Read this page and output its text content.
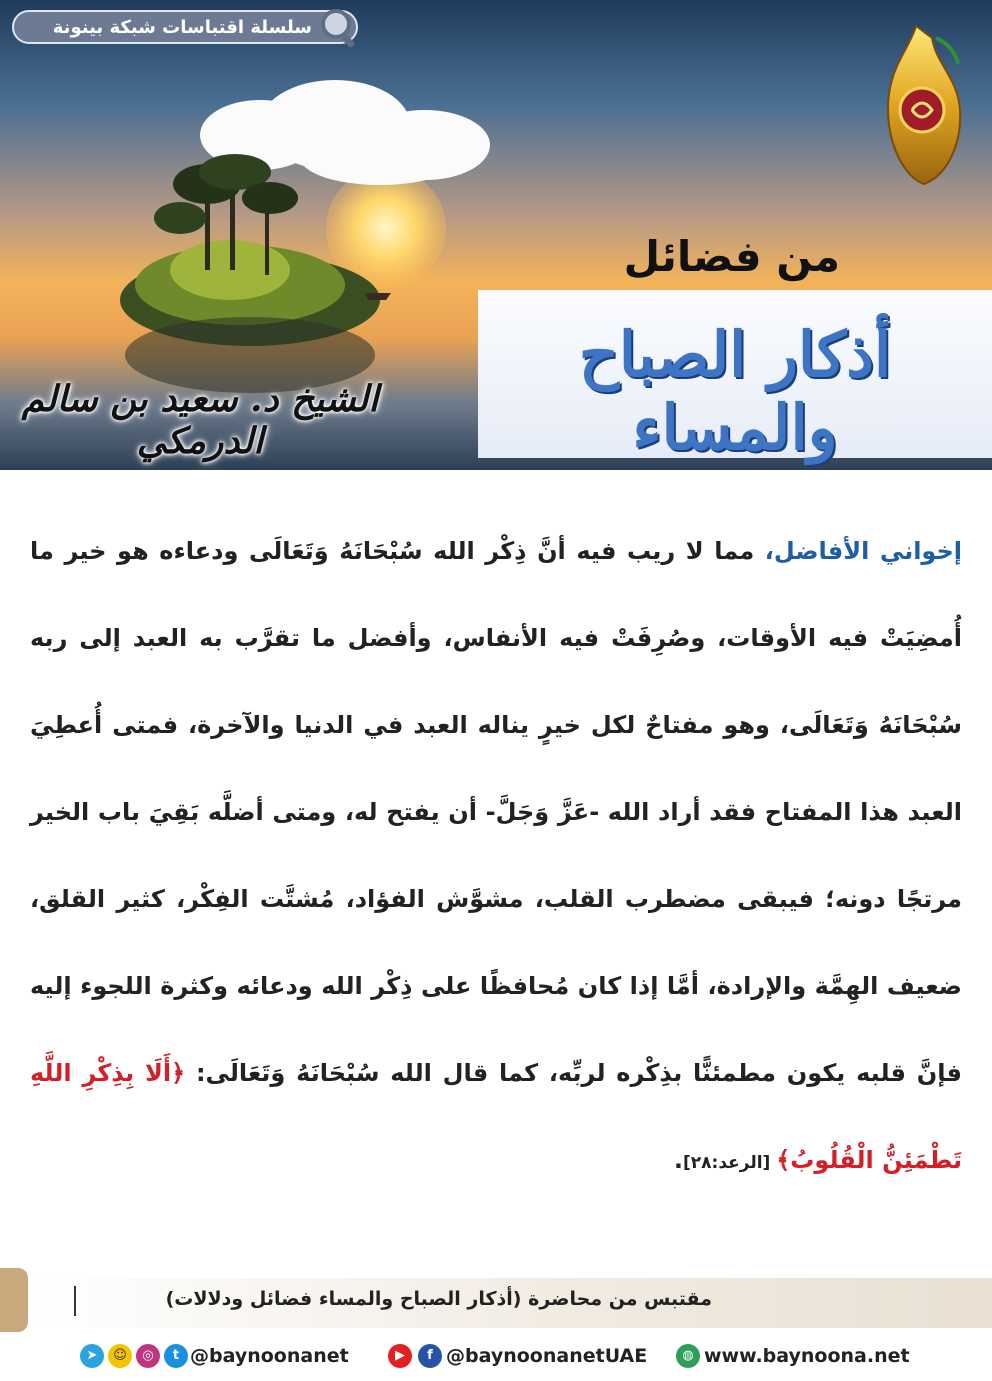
سلسلة اقتباسات شبكة بينونة
من فضائل
أذكار الصباح والمساء
الشيخ د. سعيد بن سالم الدرمكي

إخواني الأفاضل، مما لا ريب فيه أنَّ ذِكْر الله سُبْحَانَهُ وَتَعَالَى ودعاءه هو خير ما أُمضِيَتْ فيه الأوقات، وصُرِفَتْ فيه الأنفاس، وأفضل ما تقرَّب به العبد إلى ربه سُبْحَانَهُ وَتَعَالَى، وهو مفتاحٌ لكل خيرٍ يناله العبد في الدنيا والآخرة، فمتى أُعطِيَ العبد هذا المفتاح فقد أراد الله -عَزَّ وَجَلَّ- أن يفتح له، ومتى أضلَّه بَقِيَ باب الخير مرتجًا دونه؛ فيبقى مضطرب القلب، مشوَّش الفؤاد، مُشتَّت الفِكْر، كثير القلق، ضعيف الهِمَّة والإرادة، أمَّا إذا كان مُحافظًا على ذِكْر الله ودعائه وكثرة اللجوء إليه فإنَّ قلبه يكون مطمئنًّا بذِكْره لربِّه، كما قال الله سُبْحَانَهُ وَتَعَالَى: ﴿أَلَا بِذِكْرِ اللَّهِ تَطْمَئِنُّ الْقُلُوبُ﴾ [الرعد:٢٨].

مقتبس من محاضرة (أذكار الصباح والمساء فضائل ودلالات)
➤	☺	◎	t @baynoonanet	▶	f @baynoonanetUAE	◍ www.baynoona.net
